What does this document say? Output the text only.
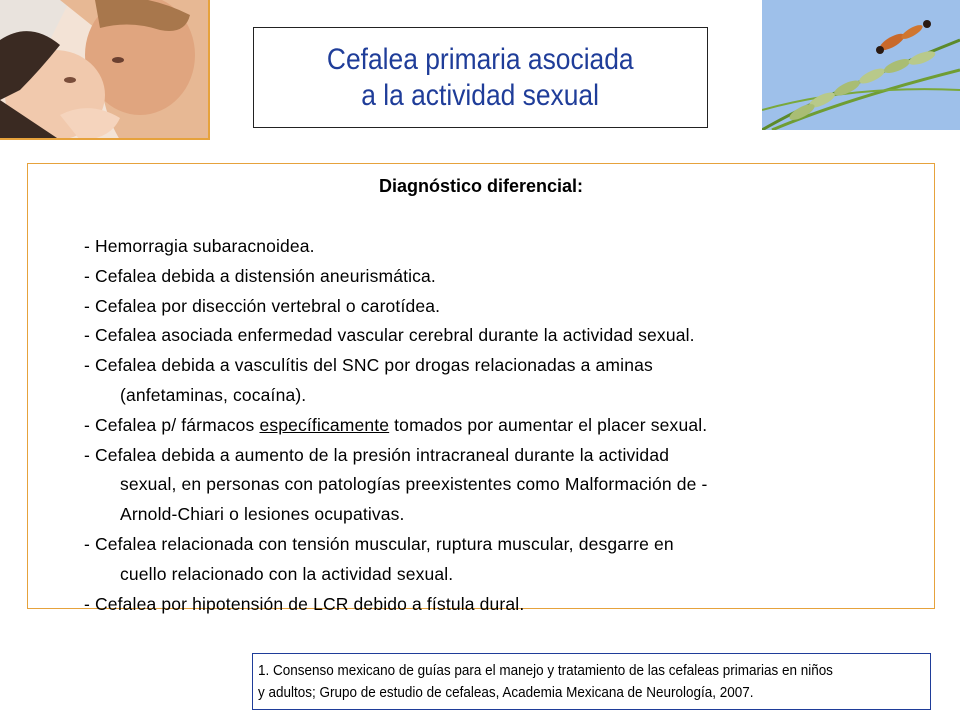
Cefalea primaria asociada
a la actividad sexual
Diagnóstico diferencial:
- Hemorragia subaracnoidea.
- Cefalea debida a distensión aneurismática.
- Cefalea por disección vertebral o carotídea.
- Cefalea asociada enfermedad vascular cerebral durante la actividad sexual.
- Cefalea debida a vasculítis del SNC por drogas relacionadas a aminas
(anfetaminas, cocaína).
- Cefalea p/ fármacos específicamente tomados por aumentar el placer sexual.
- Cefalea debida a aumento de la presión intracraneal durante la actividad
sexual, en personas con patologías preexistentes como Malformación de -
Arnold-Chiari o lesiones ocupativas.
- Cefalea relacionada con tensión muscular, ruptura muscular, desgarre en
cuello relacionado con la actividad sexual.
- Cefalea por hipotensión de LCR debido a fístula dural.
1. Consenso mexicano de guías para el manejo y tratamiento de las cefaleas primarias en niños
y adultos; Grupo de estudio de cefaleas, Academia Mexicana de Neurología, 2007.
